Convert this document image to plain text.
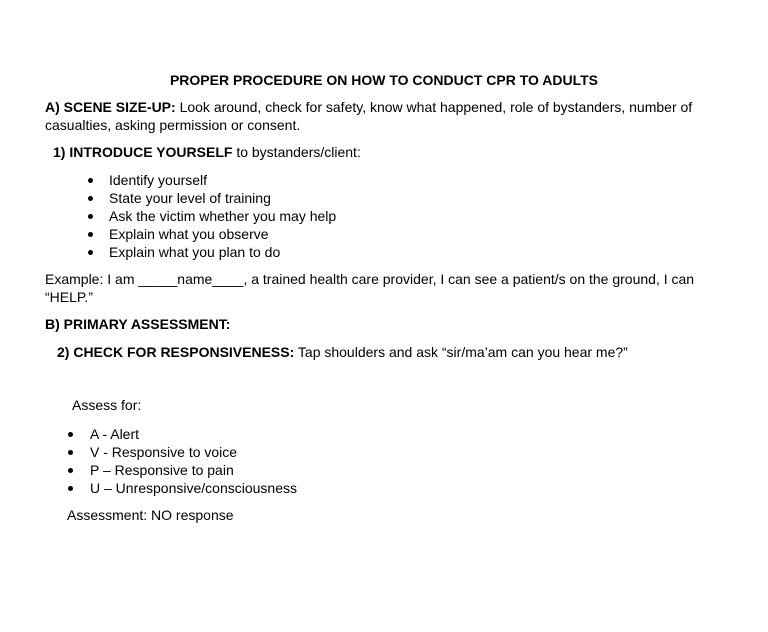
PROPER PROCEDURE ON HOW TO CONDUCT CPR TO ADULTS
A) SCENE SIZE-UP: Look around, check for safety, know what happened, role of bystanders, number of
casualties, asking permission or consent.
1) INTRODUCE YOURSELF to bystanders/client:
Identify yourself
State your level of training
Ask the victim whether you may help
Explain what you observe
Explain what you plan to do
Example: I am _____name____, a trained health care provider, I can see a patient/s on the ground, I can
“HELP.”
B) PRIMARY ASSESSMENT:
2) CHECK FOR RESPONSIVENESS: Tap shoulders and ask “sir/ma’am can you hear me?”
Assess for:
A - Alert
V - Responsive to voice
P – Responsive to pain
U – Unresponsive/consciousness
Assessment: NO response
